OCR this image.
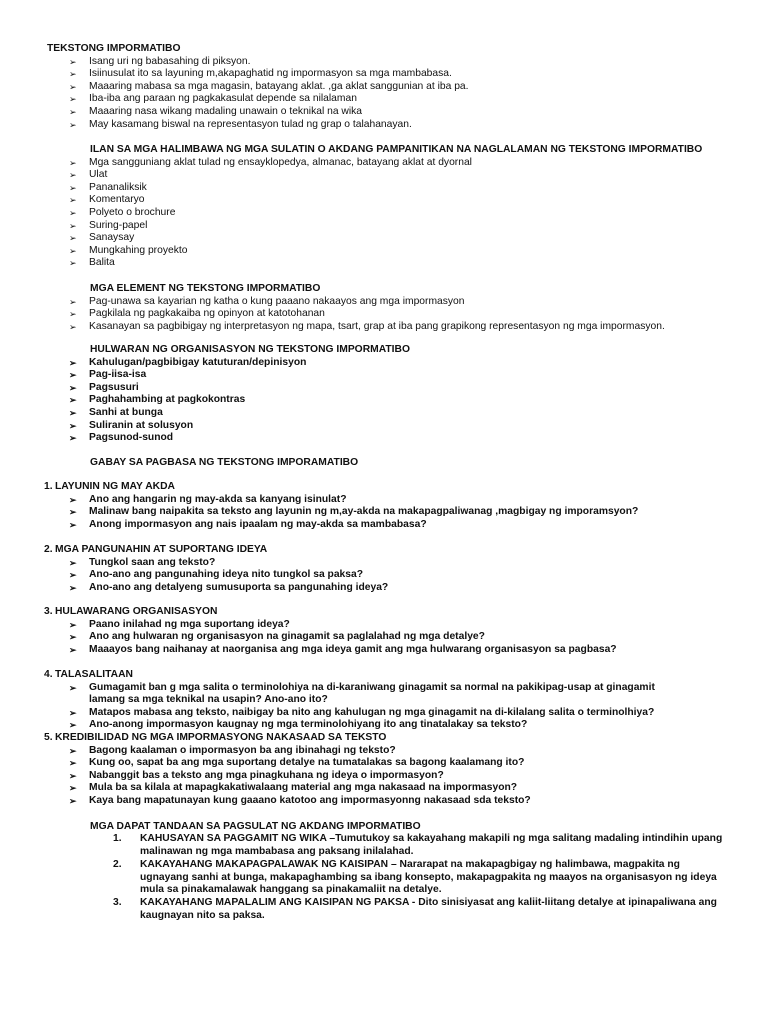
TEKSTONG IMPORMATIBO
➢ Isang uri ng babasahing di piksyon.
➢ Isiinusulat ito sa layuning m,akapaghatid ng impormasyon sa mga mambabasa.
➢ Maaaring mabasa sa mga magasin, batayang aklat. ,ga aklat sanggunian at iba pa.
➢ Iba-iba ang paraan ng pagkakasulat depende sa nilalaman
➢ Maaaring nasa wikang madaling unawain o teknikal na wika
➢ May kasamang biswal na representasyon tulad ng grap o talahanayan.
ILAN SA MGA HALIMBAWA NG MGA SULATIN O AKDANG PAMPANITIKAN NA NAGLALAMAN NG TEKSTONG IMPORMATIBO
➢ Mga sangguniang aklat tulad ng ensayklopedya, almanac, batayang aklat at dyornal
➢ Ulat
➢ Pananaliksik
➢ Komentaryo
➢ Polyeto o brochure
➢ Suring-papel
➢ Sanaysay
➢ Mungkahing proyekto
➢ Balita
MGA ELEMENT NG TEKSTONG IMPORMATIBO
➢ Pag-unawa sa kayarian ng katha o kung paaano nakaayos ang mga impormasyon
➢ Pagkilala ng pagkakaiba ng opinyon at katotohanan
➢ Kasanayan sa pagbibigay ng interpretasyon ng mapa, tsart, grap at iba pang grapikong representasyon ng mga impormasyon.
HULWARAN NG ORGANISASYON NG TEKSTONG IMPORMATIBO
➢ Kahulugan/pagbibigay katuturan/depinisyon
➢ Pag-iisa-isa
➢ Pagsusuri
➢ Paghahambing at pagkokontras
➢ Sanhi at bunga
➢ Suliranin at solusyon
➢ Pagsunod-sunod
GABAY SA PAGBASA NG TEKSTONG IMPORAMATIBO
1. LAYUNIN NG MAY AKDA
➢ Ano ang hangarin ng may-akda sa kanyang isinulat?
➢ Malinaw bang naipakita sa teksto ang layunin ng m,ay-akda na makapagpaliwanag ,magbigay ng imporamsyon?
➢ Anong impormasyon ang nais ipaalam ng may-akda sa mambabasa?
2. MGA PANGUNAHIN AT SUPORTANG IDEYA
➢ Tungkol saan ang teksto?
➢ Ano-ano ang pangunahing ideya nito tungkol sa paksa?
➢ Ano-ano ang detalyeng sumusuporta sa pangunahing ideya?
3. HULAWARANG ORGANISASYON
➢ Paano inilahad ng mga suportang ideya?
➢ Ano ang hulwaran ng organisasyon na ginagamit sa paglalahad ng mga detalye?
➢ Maaayos bang naihanay at naorganisa ang mga ideya gamit ang mga hulwarang organisasyon sa pagbasa?
4. TALASALITAAN
➢ Gumagamit ban g mga salita o terminolohiya na di-karaniwang ginagamit sa normal na pakikipag-usap at ginagamit lamang sa mga teknikal na usapin? Ano-ano ito?
➢ Matapos mabasa ang teksto, naibigay ba nito ang kahulugan ng mga ginagamit na di-kilalang salita o terminolhiya?
➢ Ano-anong impormasyon kaugnay ng mga terminolohiyang ito ang tinatalakay sa teksto?
5. KREDIBILIDAD NG MGA IMPORMASYONG NAKASAAD SA TEKSTO
➢ Bagong kaalaman o impormasyon ba ang ibinahagi ng teksto?
➢ Kung oo, sapat ba ang mga suportang detalye na tumatalakas sa bagong kaalamang ito?
➢ Nabanggit bas a teksto ang mga pinagkuhana ng ideya o impormasyon?
➢ Mula ba sa kilala at mapagkakatiwalaang material ang mga nakasaad na impormasyon?
➢ Kaya bang mapatunayan kung gaaano katotoo ang impormasyonng nakasaad sda teksto?
MGA DAPAT TANDAAN SA PAGSULAT NG AKDANG IMPORMATIBO
1. KAHUSAYAN SA PAGGAMIT NG WIKA –Tumutukoy sa kakayahang makapili ng mga salitang madaling intindihin upang malinawan ng mga mambabasa ang paksang inilalahad.
2. KAKAYAHANG MAKAPAGPALAWAK NG KAISIPAN – Nararapat na makapagbigay ng halimbawa, magpakita ng ugnayang sanhi at bunga, makapaghambing sa ibang konsepto, makapagpakita ng maayos na organisasyon ng ideya mula sa pinakamalawak hanggang sa pinakamaliit na detalye.
3. KAKAYAHANG MAPALALIM ANG KAISIPAN NG PAKSA - Dito sinisiyasat ang kaliit-liitang detalye at ipinapaliwana ang kaugnayan nito sa paksa.
